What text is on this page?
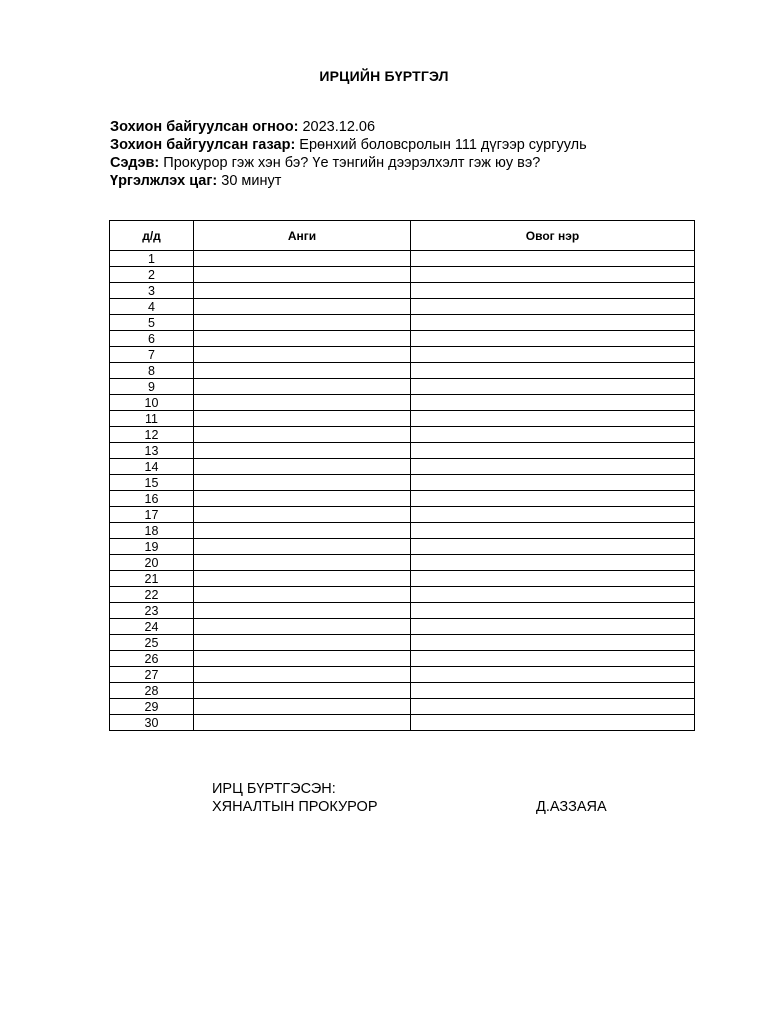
ИРЦИЙН БҮРТГЭЛ
Зохион байгуулсан огноо: 2023.12.06
Зохион байгуулсан газар: Ерөнхий боловсролын 111 дүгээр сургууль
Сэдэв: Прокурор гэж хэн бэ? Үе тэнгийн дээрэлхэлт гэж юу вэ?
Үргэлжлэх цаг: 30 минут
д/д	Анги	Овог нэр
1		
2		
3		
4		
5		
6		
7		
8		
9		
10		
11		
12		
13		
14		
15		
16		
17		
18		
19		
20		
21		
22		
23		
24		
25		
26		
27		
28		
29		
30		
ИРЦ БҮРТГЭСЭН:
ХЯНАЛТЫН ПРОКУРОР	Д.АЗЗАЯА
